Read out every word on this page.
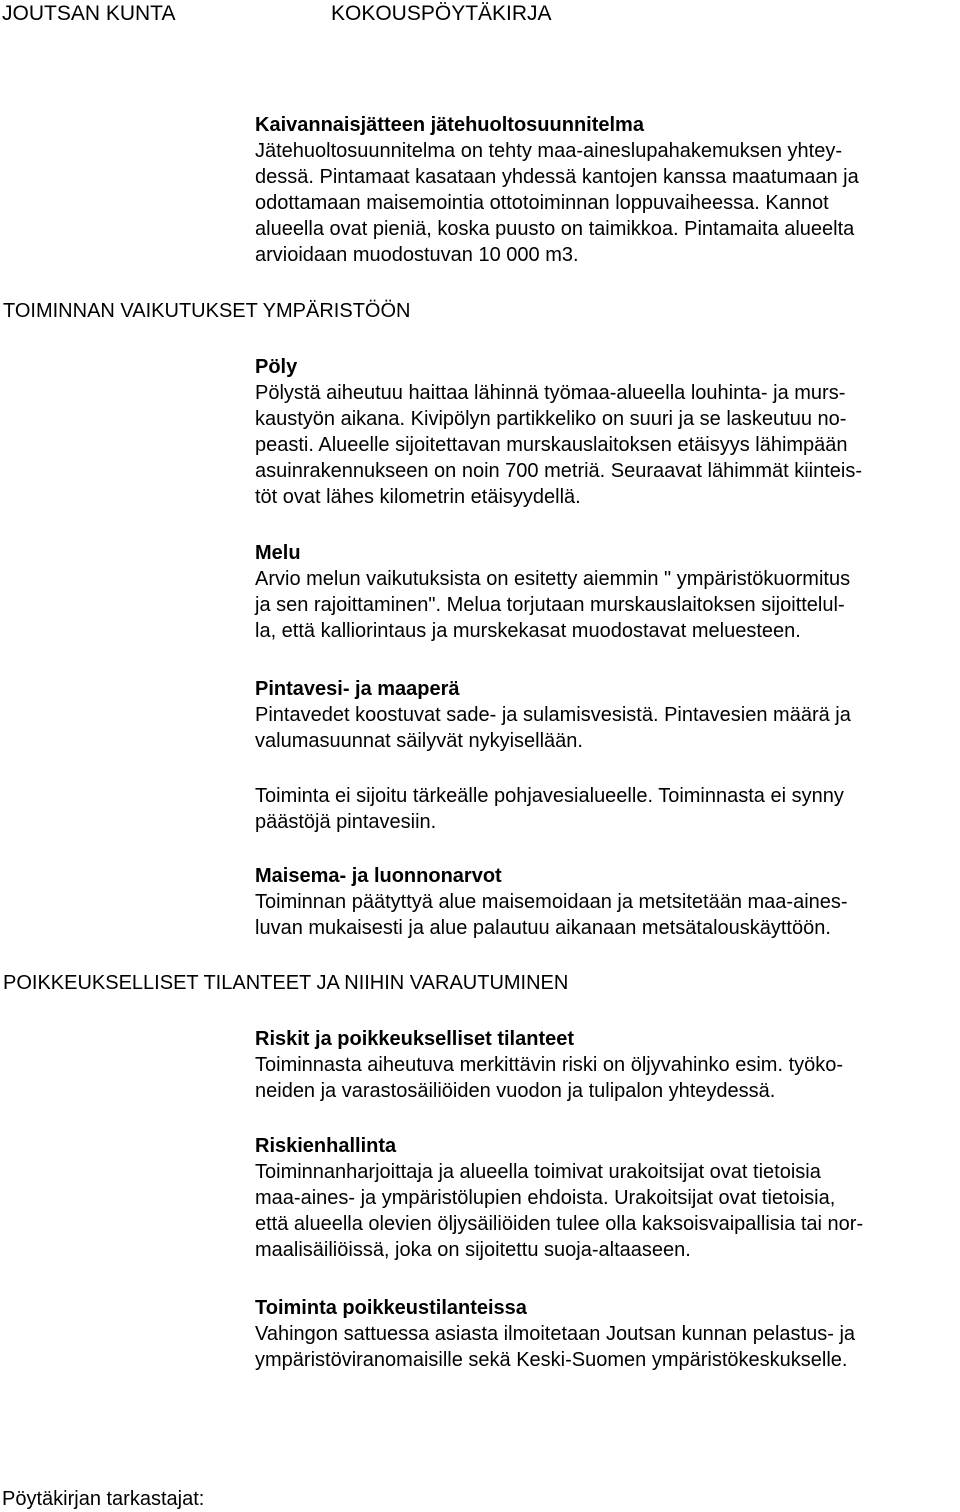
JOUTSAN KUNTA	KOKOUSPÖYTÄKIRJA
Kaivannaisjätteen jätehuoltosuunnitelma
Jätehuoltosuunnitelma on tehty maa-aineslupahakemuksen yhtey-
dessä. Pintamaat kasataan yhdessä kantojen kanssa maatumaan ja
odottamaan maisemointia ottotoiminnan loppuvaiheessa. Kannot
alueella ovat pieniä, koska puusto on taimikkoa. Pintamaita alueelta
arvioidaan muodostuvan 10 000 m3.
TOIMINNAN VAIKUTUKSET YMPÄRISTÖÖN
Pöly
Pölystä aiheutuu haittaa lähinnä työmaa-alueella louhinta- ja murs-
kaustyön aikana. Kivipölyn partikkeliko on suuri ja se laskeutuu no-
peasti. Alueelle sijoitettavan murskauslaitoksen etäisyys lähimpään
asuinrakennukseen on noin 700 metriä. Seuraavat lähimmät kiinteis-
töt ovat lähes kilometrin etäisyydellä.
Melu
Arvio melun vaikutuksista on esitetty aiemmin " ympäristökuormitus
ja sen rajoittaminen". Melua torjutaan murskauslaitoksen sijoittelul-
la, että kalliorintaus ja murskekasat muodostavat meluesteen.
Pintavesi- ja maaperä
Pintavedet koostuvat sade- ja sulamisvesistä. Pintavesien määrä ja
valumasuunnat säilyvät nykyisellään.
Toiminta ei sijoitu tärkeälle pohjavesialueelle. Toiminnasta ei synny
päästöjä pintavesiin.
Maisema- ja luonnonarvot
Toiminnan päätyttyä alue maisemoidaan ja metsitetään maa-aines-
luvan mukaisesti ja alue palautuu aikanaan metsätalouskäyttöön.
POIKKEUKSELLISET TILANTEET JA NIIHIN VARAUTUMINEN
Riskit ja poikkeukselliset tilanteet
Toiminnasta aiheutuva merkittävin riski on öljyvahinko esim. työko-
neiden ja varastosäiliöiden vuodon ja tulipalon yhteydessä.
Riskienhallinta
Toiminnanharjoittaja ja alueella toimivat urakoitsijat ovat tietoisia
maa-aines- ja ympäristölupien ehdoista. Urakoitsijat ovat tietoisia,
että alueella olevien öljysäiliöiden tulee olla kaksoisvaipallisia tai nor-
maalisäiliöissä, joka on sijoitettu suoja-altaaseen.
Toiminta poikkeustilanteissa
Vahingon sattuessa asiasta ilmoitetaan Joutsan kunnan pelastus- ja
ympäristöviranomaisille sekä Keski-Suomen ympäristökeskukselle.
Pöytäkirjan tarkastajat:
